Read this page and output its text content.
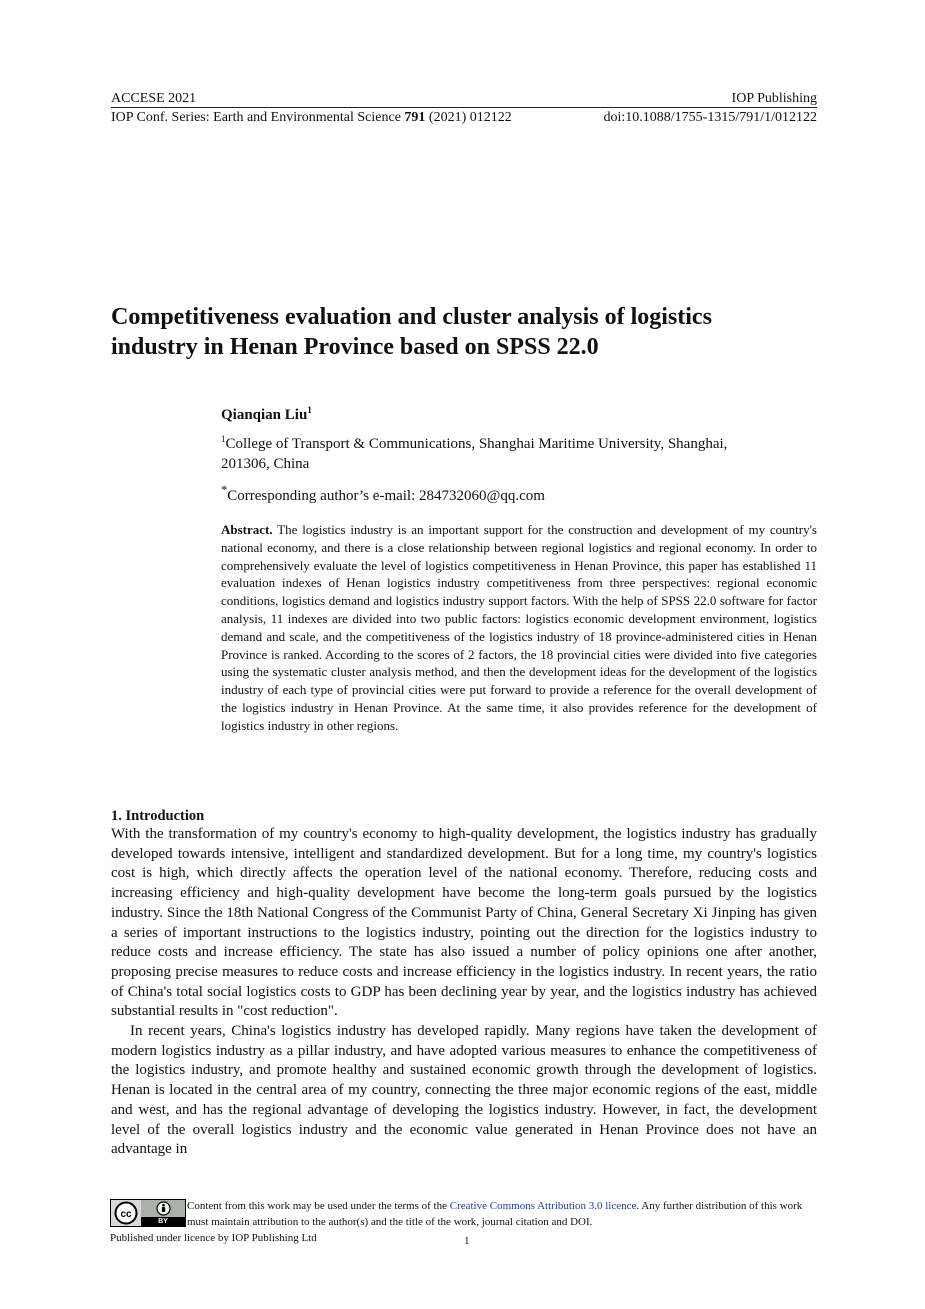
ACCESE 2021	IOP Publishing
IOP Conf. Series: Earth and Environmental Science 791 (2021) 012122	doi:10.1088/1755-1315/791/1/012122
Competitiveness evaluation and cluster analysis of logistics
industry in Henan Province based on SPSS 22.0
Qianqian Liu$^1$
$^1$College of Transport & Communications, Shanghai Maritime University, Shanghai,
201306, China
*Corresponding author’s e-mail: 284732060@qq.com
Abstract. The logistics industry is an important support for the construction and development of my country's national economy, and there is a close relationship between regional logistics and regional economy. In order to comprehensively evaluate the level of logistics competitiveness in Henan Province, this paper has established 11 evaluation indexes of Henan logistics industry competitiveness from three perspectives: regional economic conditions, logistics demand and logistics industry support factors. With the help of SPSS 22.0 software for factor analysis, 11 indexes are divided into two public factors: logistics economic development environment, logistics demand and scale, and the competitiveness of the logistics industry of 18 province-administered cities in Henan Province is ranked. According to the scores of 2 factors, the 18 provincial cities were divided into five categories using the systematic cluster analysis method, and then the development ideas for the development of the logistics industry of each type of provincial cities were put forward to provide a reference for the overall development of the logistics industry in Henan Province. At the same time, it also provides reference for the development of logistics industry in other regions.
1. Introduction

With the transformation of my country's economy to high-quality development, the logistics industry has gradually developed towards intensive, intelligent and standardized development. But for a long time, my country's logistics cost is high, which directly affects the operation level of the national economy. Therefore, reducing costs and increasing efficiency and high-quality development have become the long-term goals pursued by the logistics industry. Since the 18th National Congress of the Communist Party of China, General Secretary Xi Jinping has given a series of important instructions to the logistics industry, pointing out the direction for the logistics industry to reduce costs and increase efficiency. The state has also issued a number of policy opinions one after another, proposing precise measures to reduce costs and increase efficiency in the logistics industry. In recent years, the ratio of China's total social logistics costs to GDP has been declining year by year, and the logistics industry has achieved substantial results in "cost reduction".

In recent years, China's logistics industry has developed rapidly. Many regions have taken the development of modern logistics industry as a pillar industry, and have adopted various measures to enhance the competitiveness of the logistics industry, and promote healthy and sustained economic growth through the development of logistics. Henan is located in the central area of my country, connecting the three major economic regions of the east, middle and west, and has the regional advantage of developing the logistics industry. However, in fact, the development level of the overall logistics industry and the economic value generated in Henan Province does not have an advantage in

cc
BY
Content from this work may be used under the terms of the Creative Commons Attribution 3.0 licence. Any further distribution of this work must maintain attribution to the author(s) and the title of the work, journal citation and DOI.
Published under licence by IOP Publishing Ltd	1
